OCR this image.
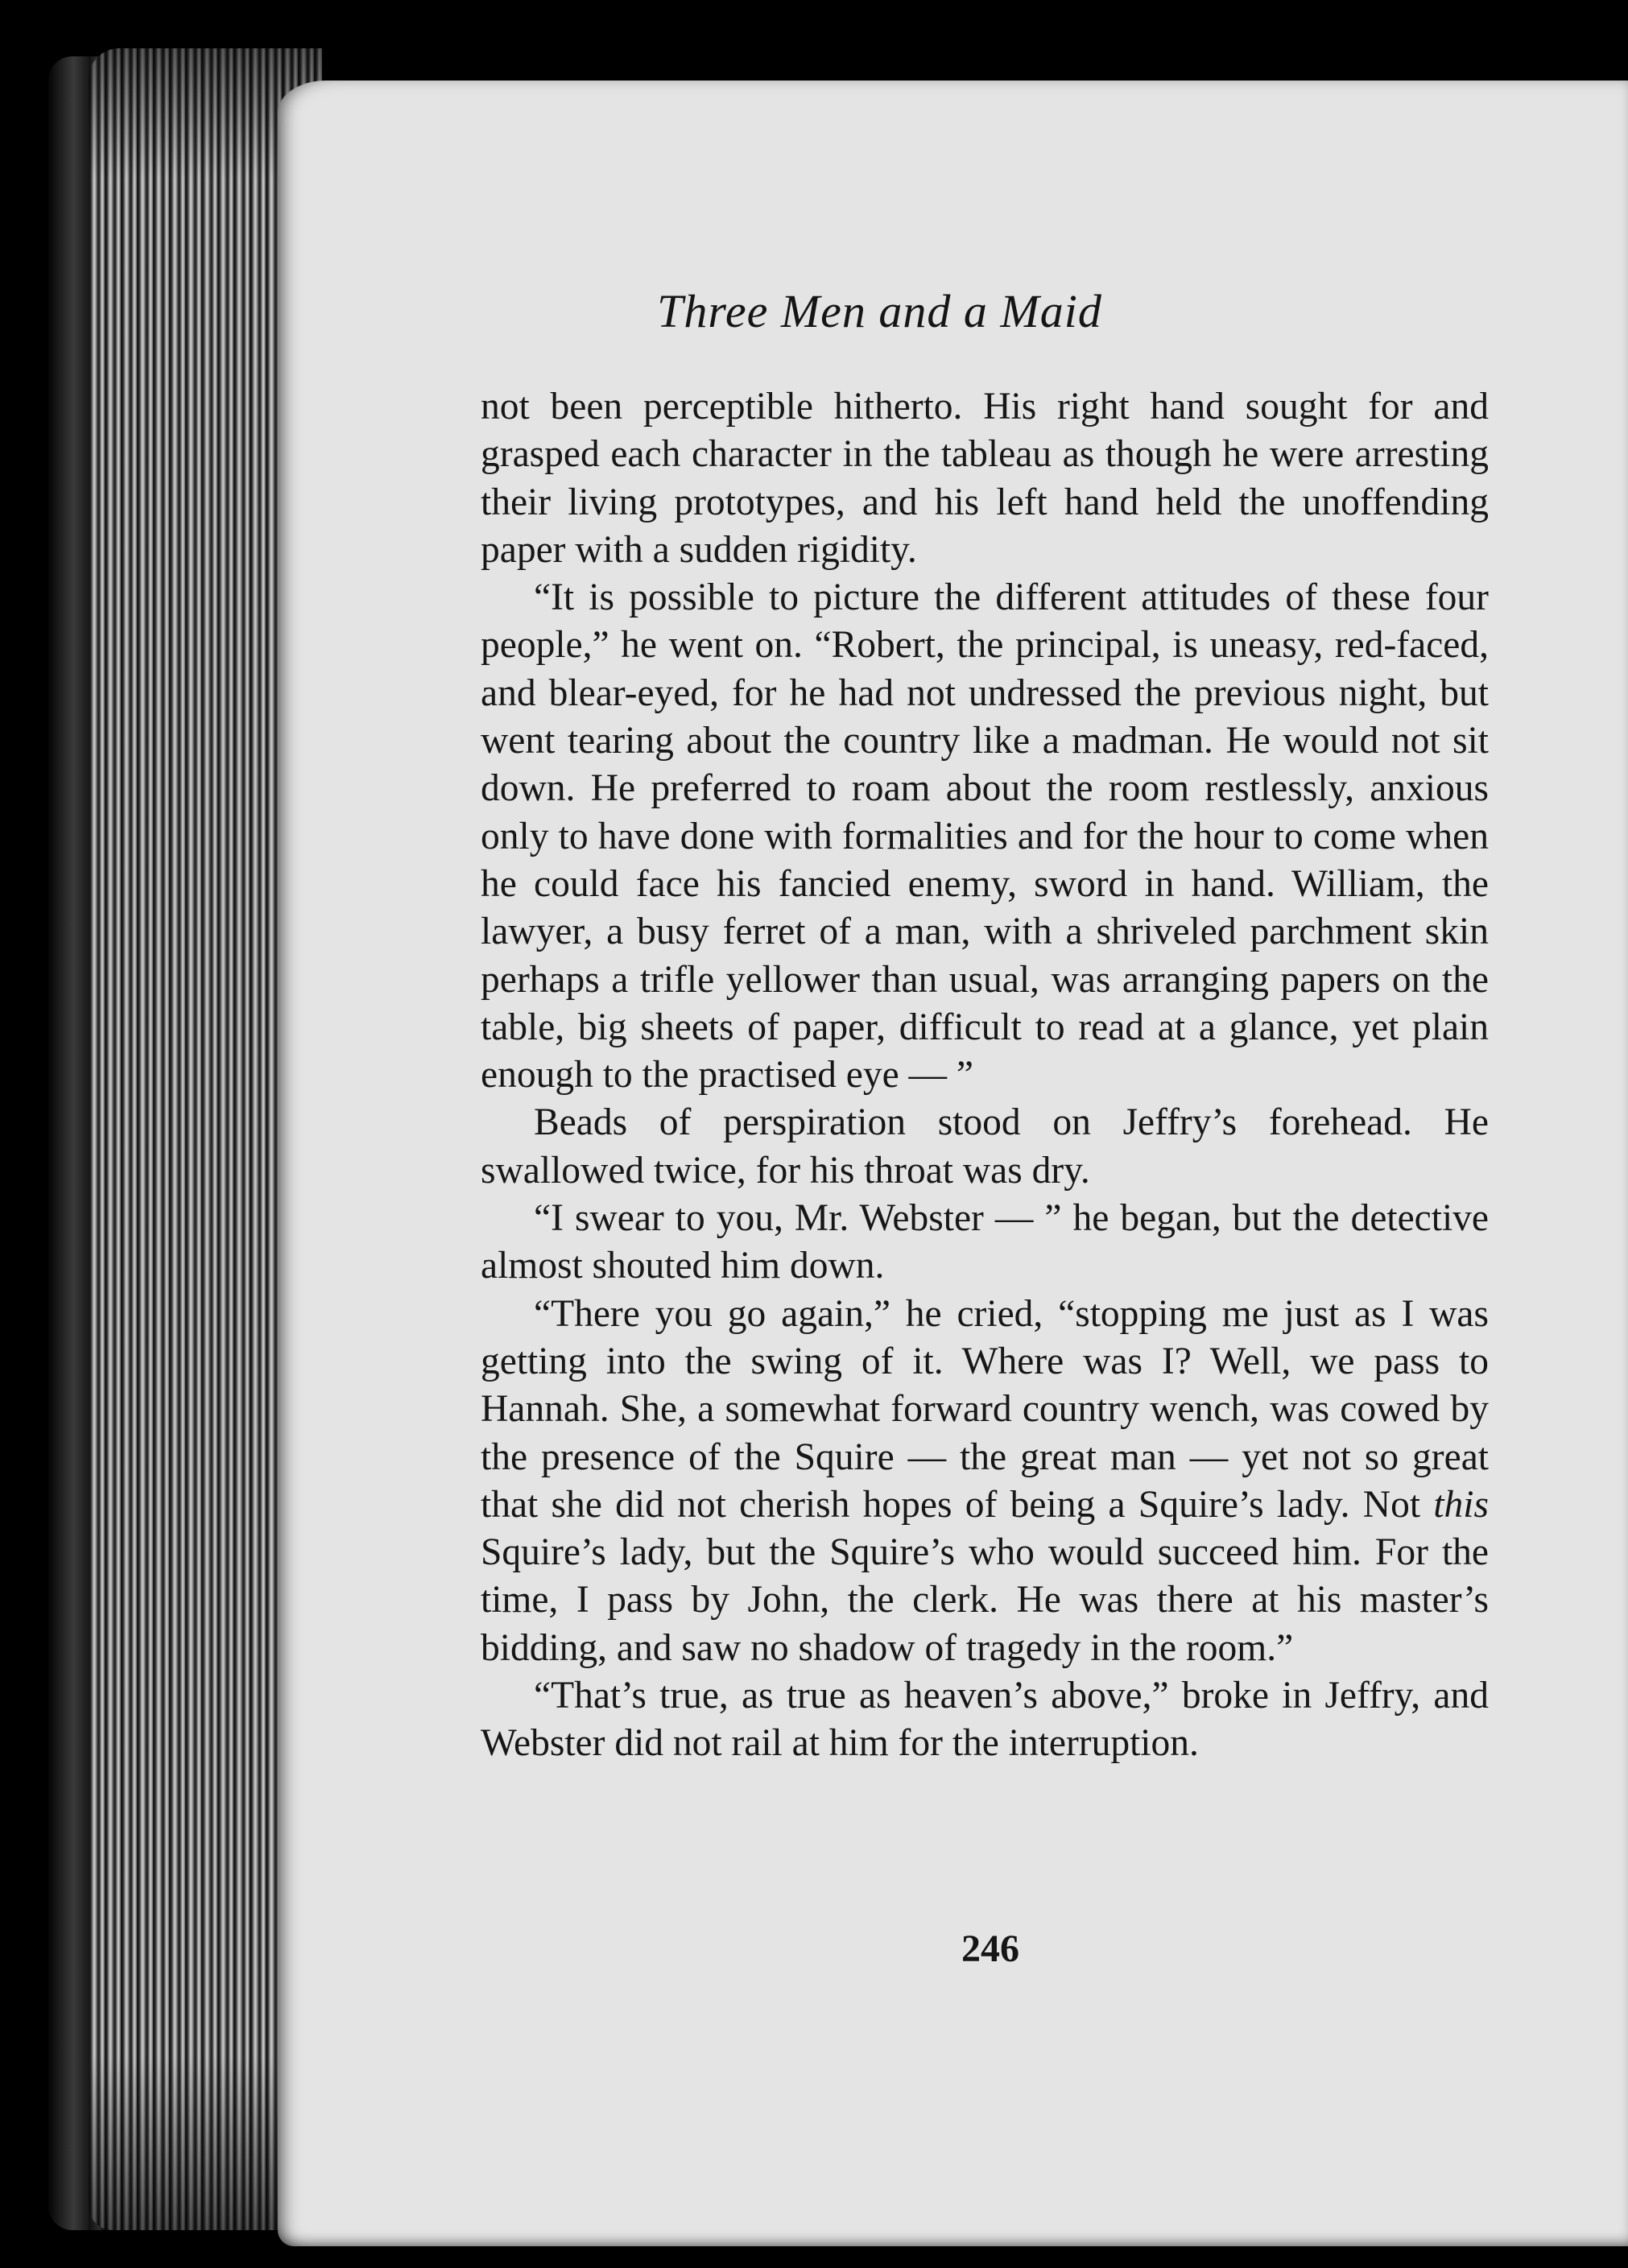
Three Men and a Maid

not been perceptible hitherto. His right hand sought for and grasped each character in the tableau as though he were arresting their living prototypes, and his left hand held the unoffending paper with a sudden rigidity.

“It is possible to picture the different attitudes of these four people,” he went on. “Robert, the principal, is uneasy, red-faced, and blear-eyed, for he had not undressed the previous night, but went tearing about the country like a madman. He would not sit down. He preferred to roam about the room restlessly, anxious only to have done with formalities and for the hour to come when he could face his fancied enemy, sword in hand. William, the lawyer, a busy ferret of a man, with a shriveled parchment skin perhaps a trifle yellower than usual, was arranging papers on the table, big sheets of paper, difficult to read at a glance, yet plain enough to the practised eye — ”

Beads of perspiration stood on Jeffry’s forehead. He swallowed twice, for his throat was dry.

“I swear to you, Mr. Webster — ” he began, but the detective almost shouted him down.

“There you go again,” he cried, “stopping me just as I was getting into the swing of it. Where was I? Well, we pass to Hannah. She, a somewhat forward country wench, was cowed by the presence of the Squire — the great man — yet not so great that she did not cherish hopes of being a Squire’s lady. Not this Squire’s lady, but the Squire’s who would succeed him. For the time, I pass by John, the clerk. He was there at his master’s bidding, and saw no shadow of tragedy in the room.”

“That’s true, as true as heaven’s above,” broke in Jeffry, and Webster did not rail at him for the interruption.

246
